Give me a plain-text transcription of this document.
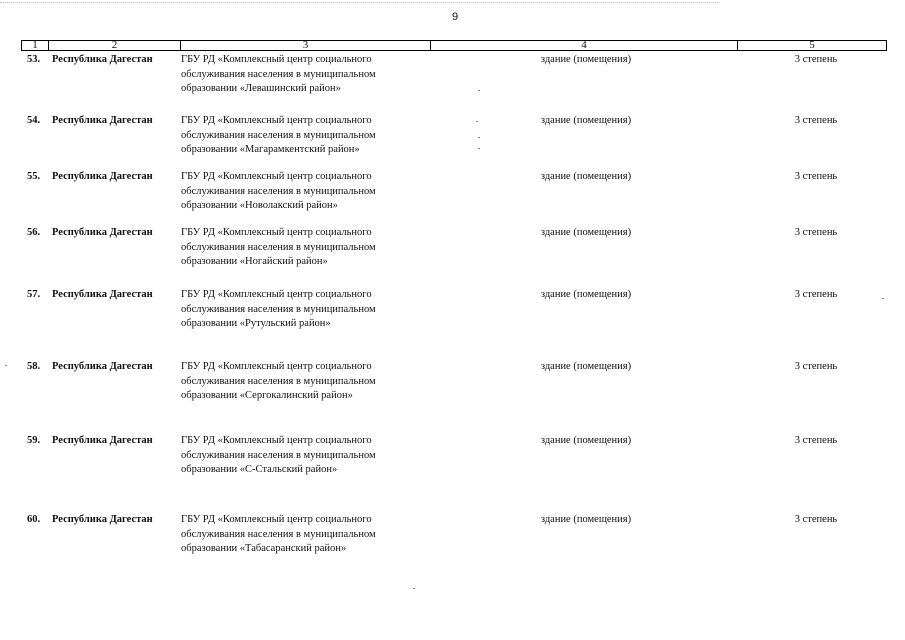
9
1	2	3	4	5
53.	Республика Дагестан	ГБУ РД «Комплексный центр социального
обслуживания населения в муниципальном
образовании «Левашинский район»
здание (помещения)	3 степень
54.	Республика Дагестан	ГБУ РД «Комплексный центр социального
обслуживания населения в муниципальном
образовании «Магарамкентский район»
здание (помещения)	3 степень
55.	Республика Дагестан	ГБУ РД «Комплексный центр социального
обслуживания населения в муниципальном
образовании «Новолакский район»
здание (помещения)	3 степень
56.	Республика Дагестан	ГБУ РД «Комплексный центр социального
обслуживания населения в муниципальном
образовании «Ногайский район»
здание (помещения)	3 степень
57.	Республика Дагестан	ГБУ РД «Комплексный центр социального
обслуживания населения в муниципальном
образовании «Рутульский район»
здание (помещения)	3 степень
58.	Республика Дагестан	ГБУ РД «Комплексный центр социального
обслуживания населения в муниципальном
образовании «Сергокалинский район»
здание (помещения)	3 степень
59.	Республика Дагестан	ГБУ РД «Комплексный центр социального
обслуживания населения в муниципальном
образовании «С-Стальский район»
здание (помещения)	3 степень
60.	Республика Дагестан	ГБУ РД «Комплексный центр социального
обслуживания населения в муниципальном
образовании «Табасаранский район»
здание (помещения)	3 степень
